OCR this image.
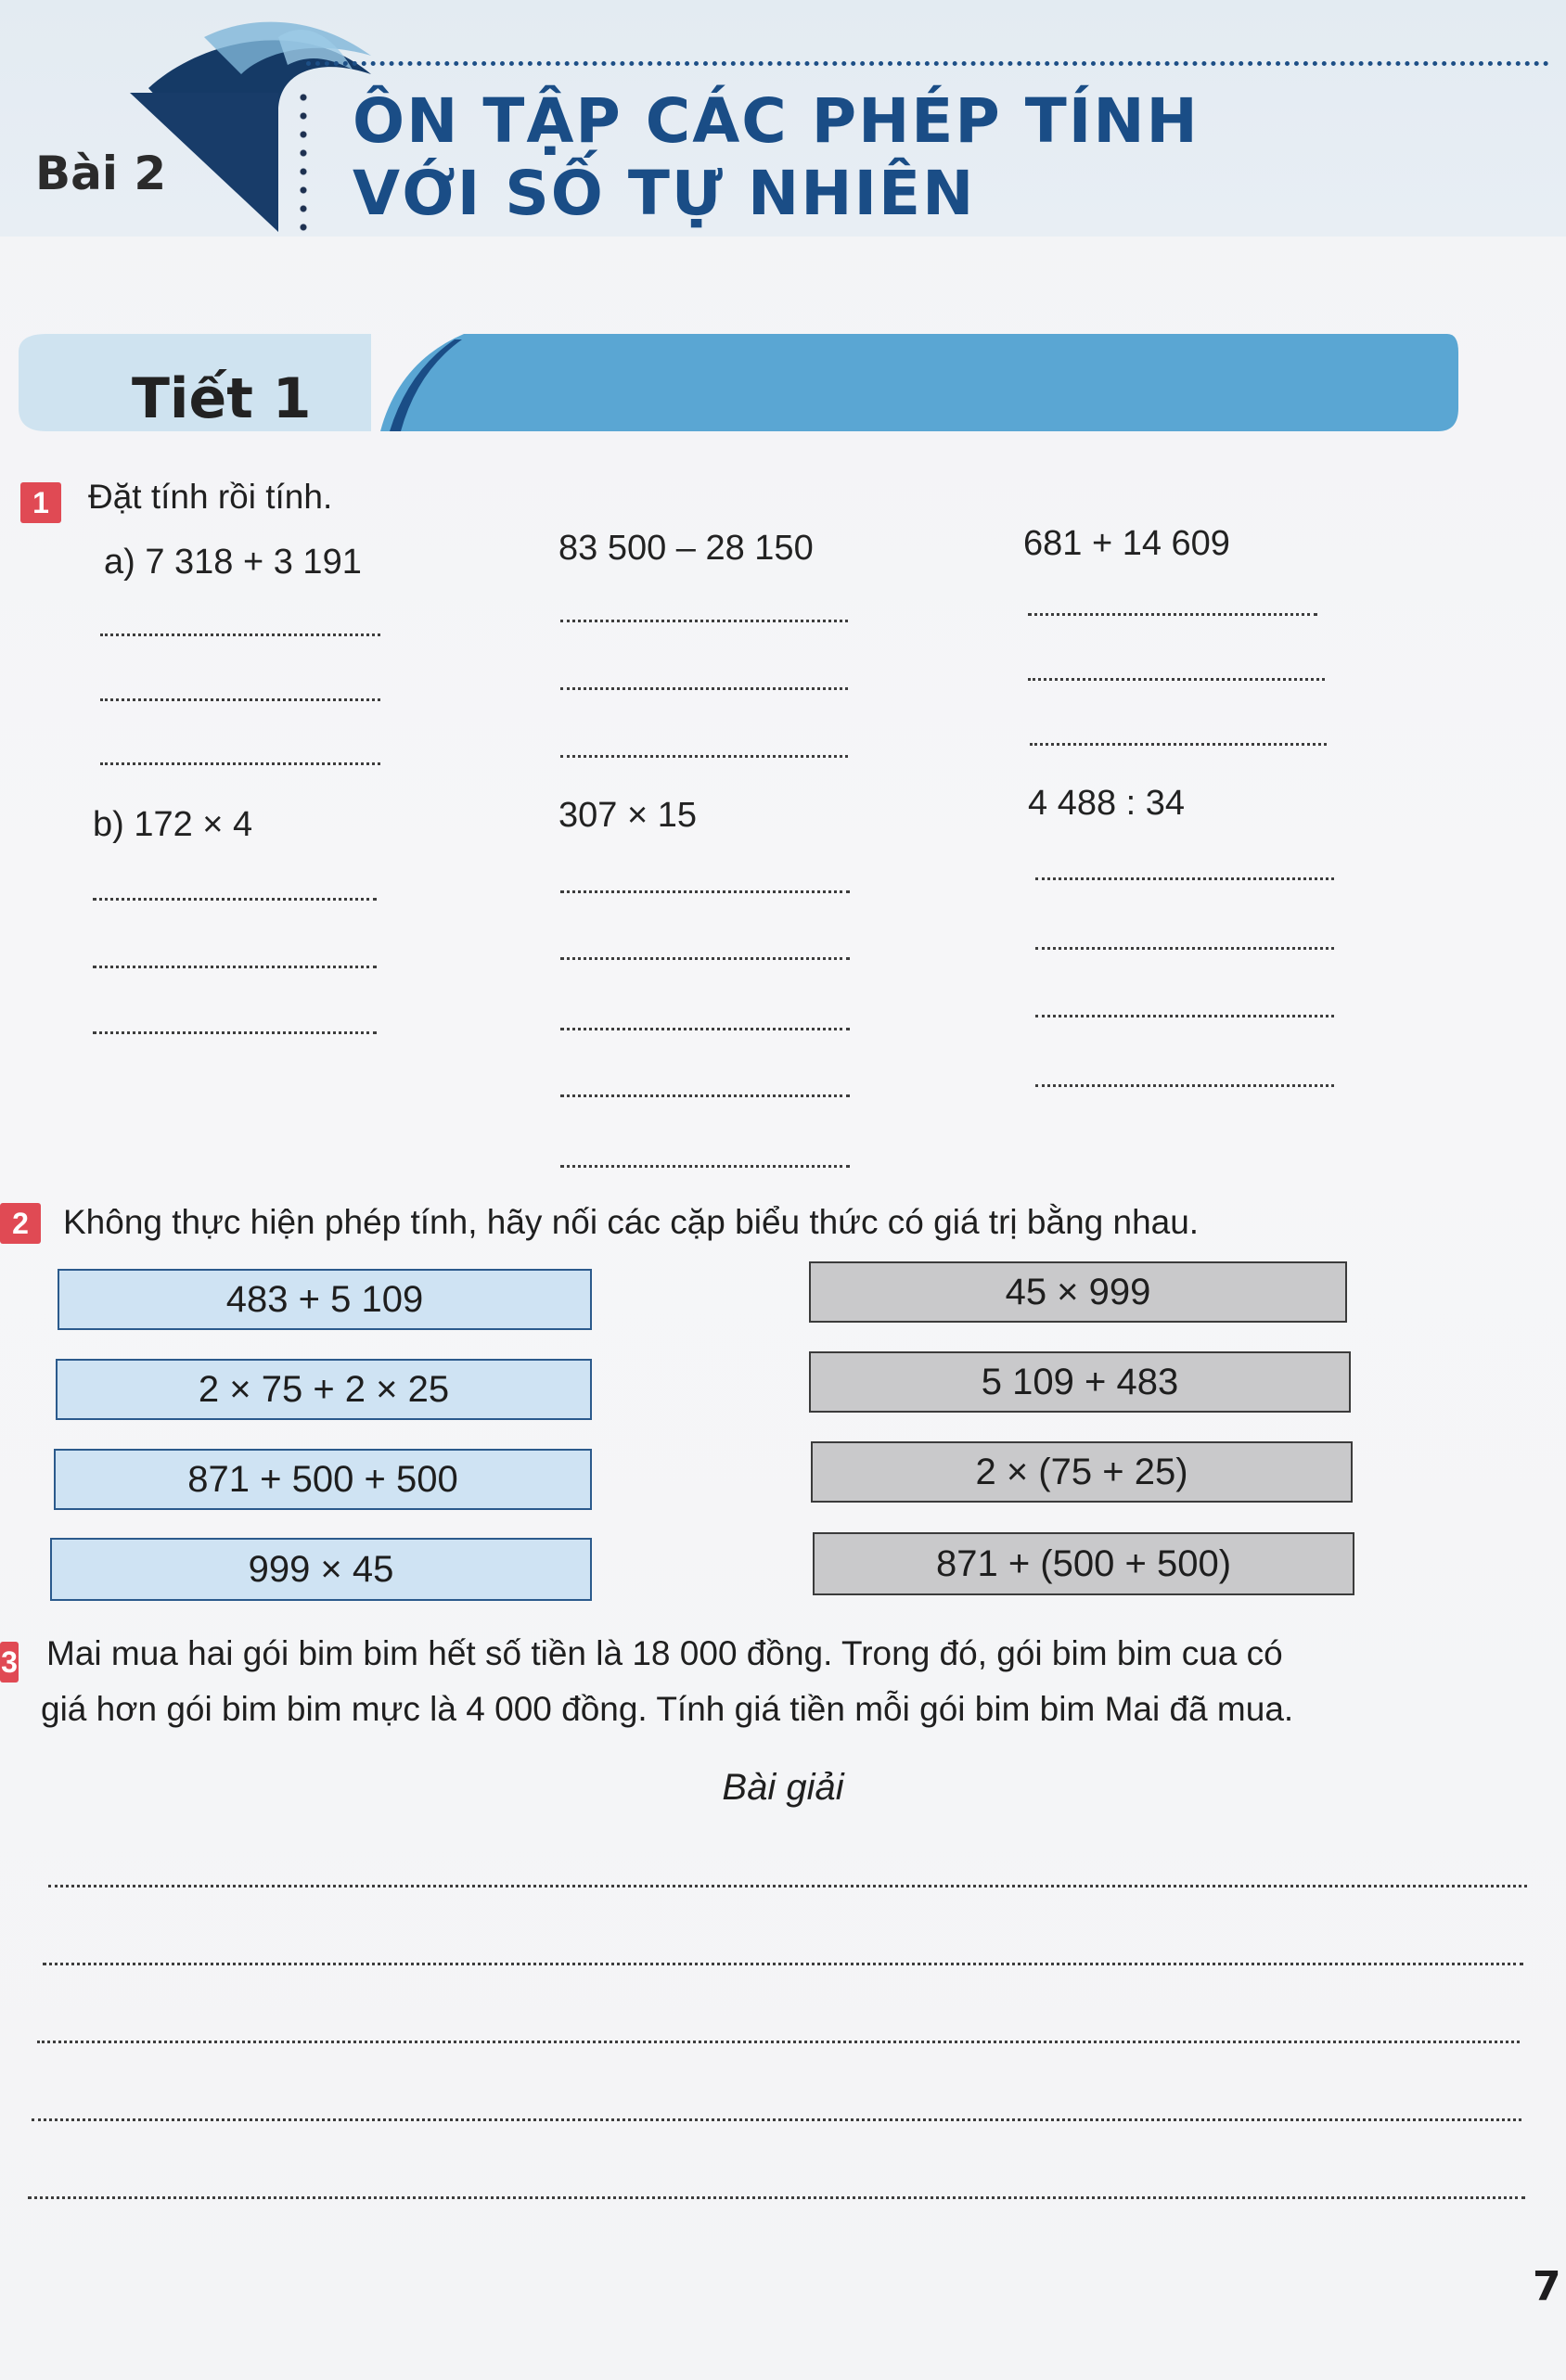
Bài 2
ÔN TẬP CÁC PHÉP TÍNH
VỚI SỐ TỰ NHIÊN
Tiết 1
1	Đặt tính rồi tính.
a) 7 318 + 3 191	83 500 – 28 150	681 + 14 609
b) 172 × 4	307 × 15	4 488 : 34
2	Không thực hiện phép tính, hãy nối các cặp biểu thức có giá trị bằng nhau.
483 + 5 109
2 × 75 + 2 × 25
871 + 500 + 500
999 × 45
45 × 999
5 109 + 483
2 × (75 + 25)
871 + (500 + 500)
3 Mai mua hai gói bim bim hết số tiền là 18 000 đồng. Trong đó, gói bim bim cua có
giá hơn gói bim bim mực là 4 000 đồng. Tính giá tiền mỗi gói bim bim Mai đã mua.
Bài giải
7
